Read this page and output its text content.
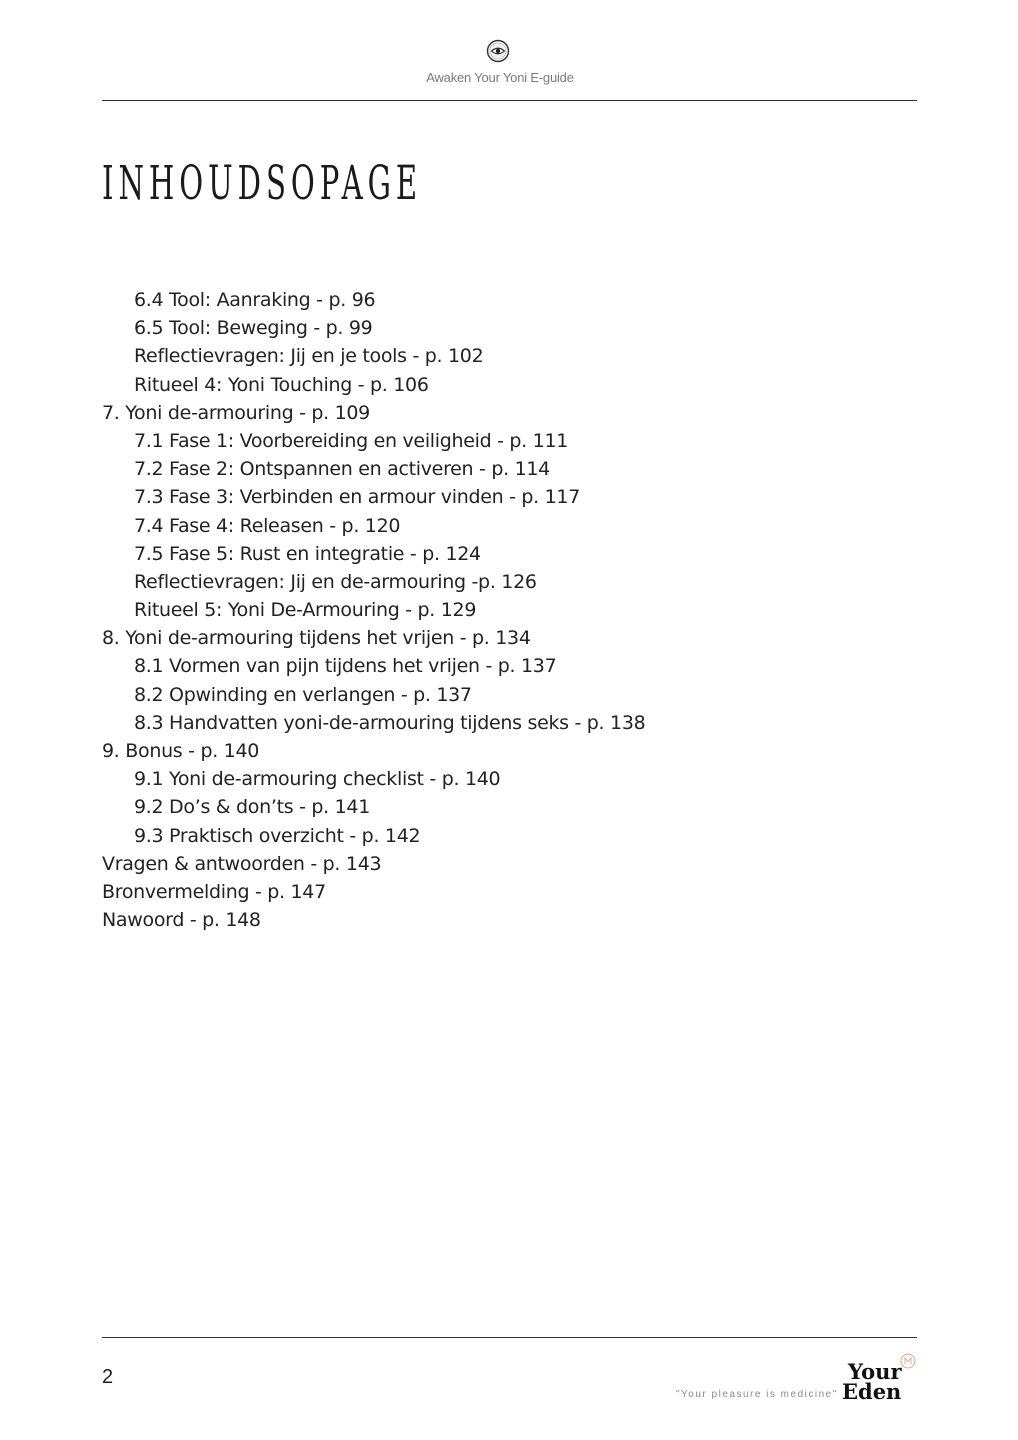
Awaken Your Yoni E-guide
INHOUDSOPAGE
6.4 Tool: Aanraking - p. 96
6.5 Tool: Beweging - p. 99
Reflectievragen: Jij en je tools - p. 102
Ritueel 4: Yoni Touching - p. 106
7. Yoni de-armouring - p. 109
7.1 Fase 1: Voorbereiding en veiligheid - p. 111
7.2 Fase 2: Ontspannen en activeren - p. 114
7.3 Fase 3: Verbinden en armour vinden - p. 117
7.4 Fase 4: Releasen - p. 120
7.5 Fase 5: Rust en integratie - p. 124
Reflectievragen: Jij en de-armouring -p. 126
Ritueel 5: Yoni De-Armouring - p. 129
8. Yoni de-armouring tijdens het vrijen - p. 134
8.1 Vormen van pijn tijdens het vrijen - p. 137
8.2 Opwinding en verlangen - p. 137
8.3 Handvatten yoni-de-armouring tijdens seks - p. 138
9. Bonus - p. 140
9.1 Yoni de-armouring checklist - p. 140
9.2 Do’s & don’ts - p. 141
9.3 Praktisch overzicht - p. 142
Vragen & antwoorden - p. 143
Bronvermelding - p. 147
Nawoord - p. 148
2
"Your pleasure is medicine"
Your
Eden
